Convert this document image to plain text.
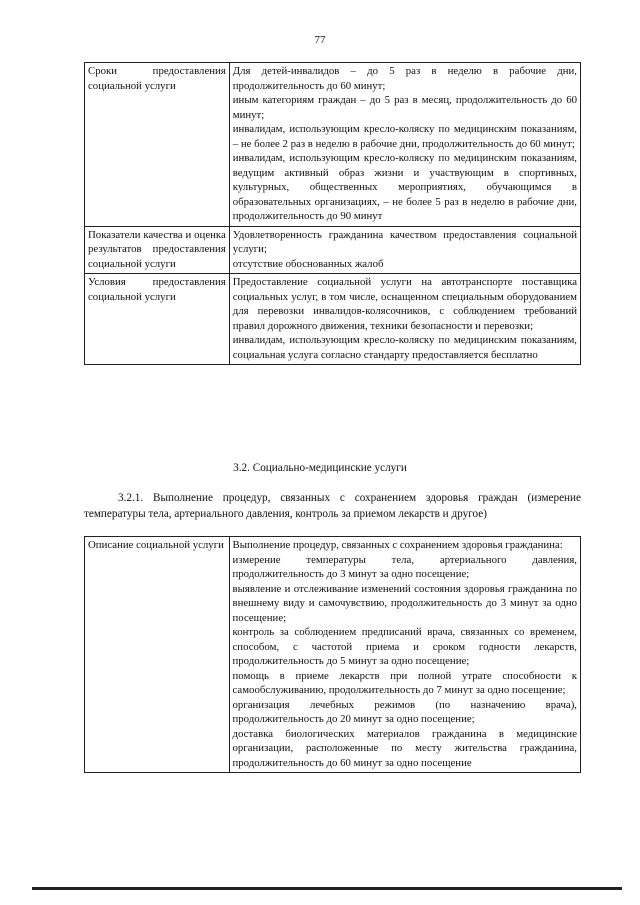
77
Сроки предоставления социальной услуги	Для детей-инвалидов – до 5 раз в неделю в рабочие дни, продолжительность до 60 минут;
иным категориям граждан – до 5 раз в месяц, продолжительность до 60 минут;
инвалидам, использующим кресло-коляску по медицинским показаниям, – не более 2 раз в неделю в рабочие дни, продолжительность до 60 минут;
инвалидам, использующим кресло-коляску по медицинским показаниям, ведущим активный образ жизни и участвующим в спортивных, культурных, общественных мероприятиях, обучающимся в образовательных организациях, – не более 5 раз в неделю в рабочие дни, продолжительность до 90 минут

Показатели качества и оценка результатов предоставления социальной услуги	Удовлетворенность гражданина качеством предоставления социальной услуги;
отсутствие обоснованных жалоб

Условия предоставления социальной услуги	Предоставление социальной услуги на автотранспорте поставщика социальных услуг, в том числе, оснащенном специальным оборудованием для перевозки инвалидов-колясочников, с соблюдением требований правил дорожного движения, техники безопасности и перевозки;
инвалидам, использующим кресло-коляску по медицинским показаниям, социальная услуга согласно стандарту предоставляется бесплатно
3.2. Социально-медицинские услуги
3.2.1. Выполнение процедур, связанных с сохранением здоровья граждан (измерение температуры тела, артериального давления, контроль за приемом лекарств и другое)
Описание социальной услуги	Выполнение процедур, связанных с сохранением здоровья гражданина:
измерение температуры тела, артериального давления, продолжительность до 3 минут за одно посещение;
выявление и отслеживание изменений состояния здоровья гражданина по внешнему виду и самочувствию, продолжительность до 3 минут за одно посещение;
контроль за соблюдением предписаний врача, связанных со временем, способом, с частотой приема и сроком годности лекарств, продолжительность до 5 минут за одно посещение;
помощь в приеме лекарств при полной утрате способности к самообслуживанию, продолжительность до 7 минут за одно посещение;
организация лечебных режимов (по назначению врача), продолжительность до 20 минут за одно посещение;
доставка биологических материалов гражданина в медицинские организации, расположенные по месту жительства гражданина, продолжительность до 60 минут за одно посещение
